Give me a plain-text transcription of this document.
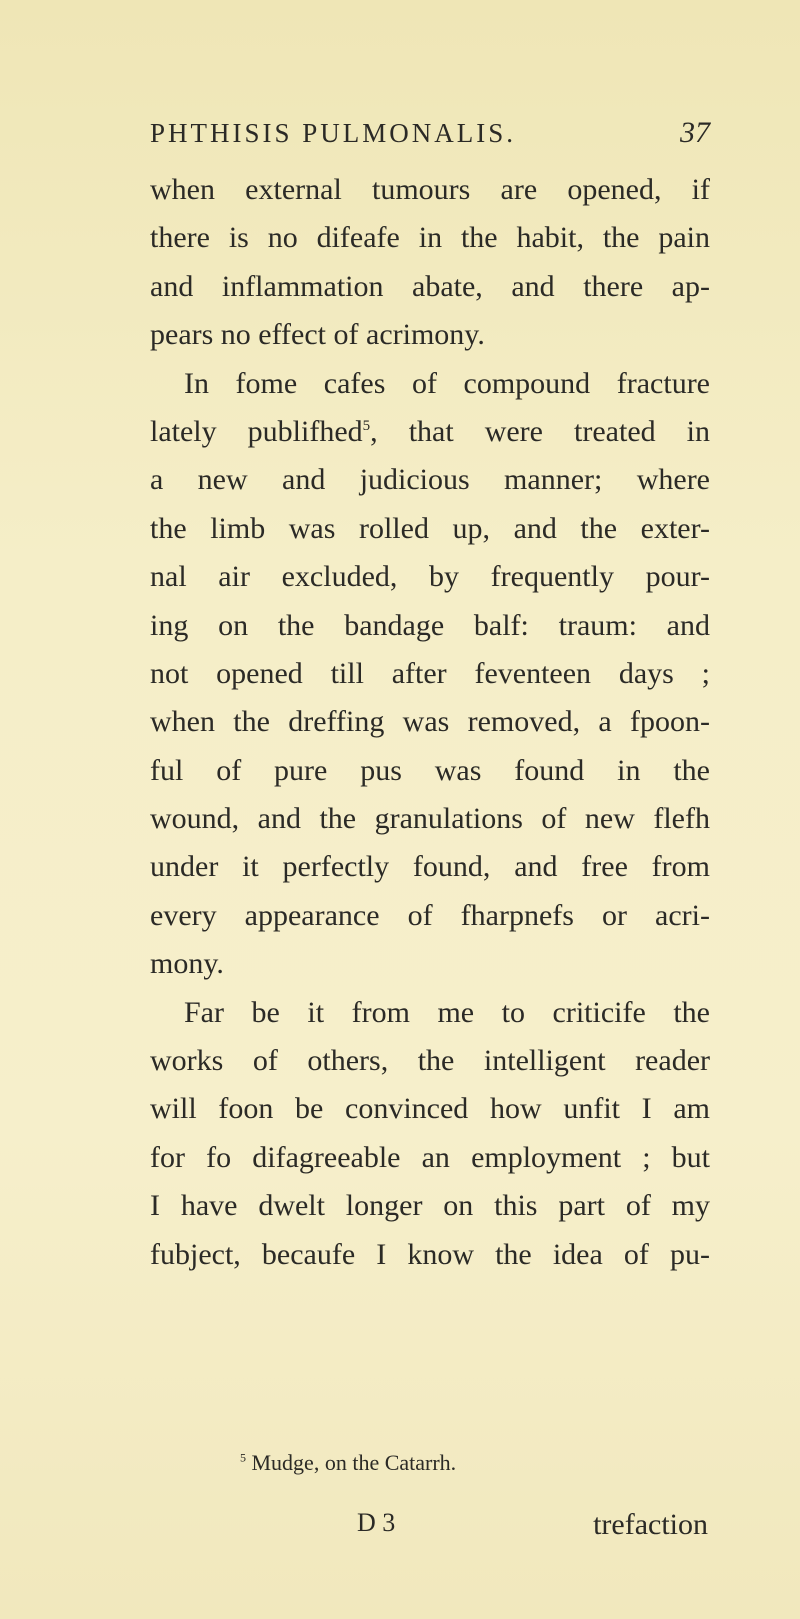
PHTHISIS PULMONALIS.	37
when external tumours are opened, if
there is no difeafe in the habit, the pain
and inflammation abate, and there ap-
pears no effect of acrimony.
In fome cafes of compound fracture
lately publifhed$^5$, that were treated in
a new and judicious manner; where
the limb was rolled up, and the exter-
nal air excluded, by frequently pour-
ing on the bandage balf: traum: and
not opened till after feventeen days ;
when the dreffing was removed, a fpoon-
ful of pure pus was found in the
wound, and the granulations of new flefh
under it perfectly found, and free from
every appearance of fharpnefs or acri-
mony.
Far be it from me to criticife the
works of others, the intelligent reader
will foon be convinced how unfit I am
for fo difagreeable an employment ; but
I have dwelt longer on this part of my
fubject, becaufe I know the idea of pu-
$^5$ Mudge, on the Catarrh.
D 3	trefaction
